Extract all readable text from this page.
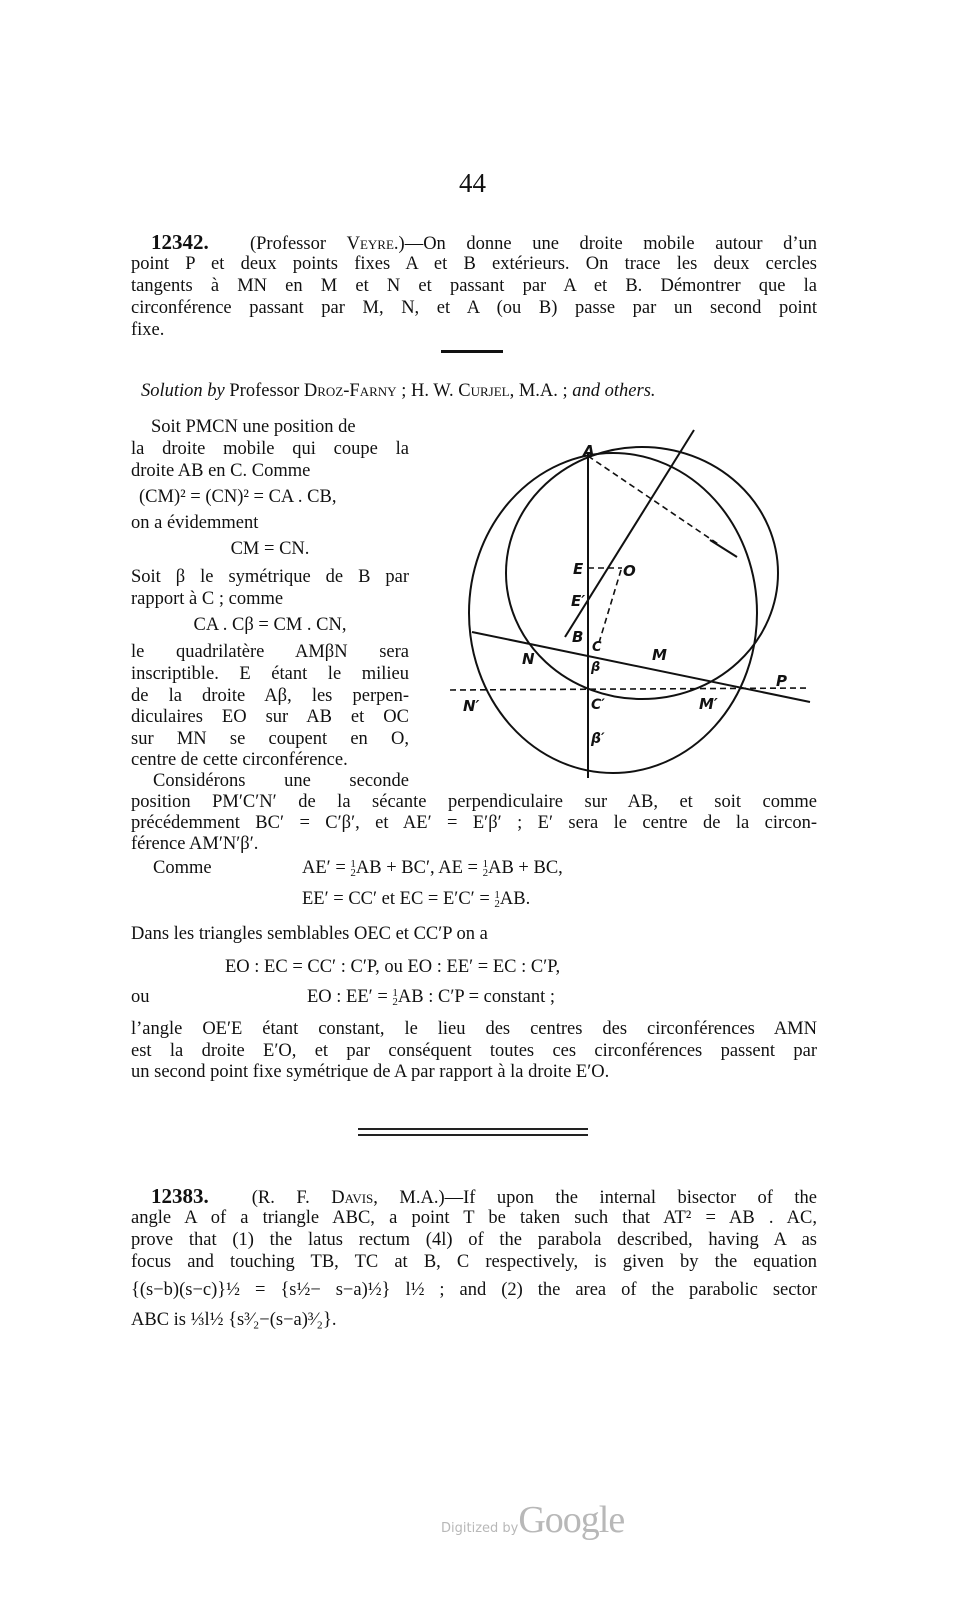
44
12342. (Professor Veyre.)—On donne une droite mobile autour d’un
point P et deux points fixes A et B extérieurs. On trace les deux cercles
tangents à MN en M et N et passant par A et B. Démontrer que la
circonférence passant par M, N, et A (ou B) passe par un second point
fixe.
Solution by Professor Droz-Farny ; H. W. Curjel, M.A. ; and others.
Soit PMCN une position de
la droite mobile qui coupe la
droite AB en C. Comme
(CM)² = (CN)² = CA . CB,
on a évidemment
CM = CN.
Soit β le symétrique de B par
rapport à C ; comme
CA . Cβ = CM . CN,
le quadrilatère AMβN sera
inscriptible. E étant le milieu
de la droite Aβ, les perpen-
diculaires EO sur AB et OC
sur MN se coupent en O,
centre de cette circonférence.
Considérons une seconde
A
E	O
E′
B
C
N	M
β
P
N′	C′	M′
β′
position PM′C′N′ de la sécante perpendiculaire sur AB, et soit comme
précédemment BC′ = C′β′, et AE′ = E′β′ ; E′ sera le centre de la circon-
férence AM′N′β′.
Comme	AE′ = 1
2 AB + BC′, AE = 1
2 AB + BC,
EE′ = CC′ et EC = E′C′ = 1
2 AB.
Dans les triangles semblables OEC et CC′P on a
EO : EC = CC′ : C′P, ou EO : EE′ = EC : C′P,
ou	EO : EE′ = 1
2 AB : C′P = constant ;
l’angle OE′E étant constant, le lieu des centres des circonférences AMN
est la droite E′O, et par conséquent toutes ces circonférences passent par
un second point fixe symétrique de A par rapport à la droite E′O.
12383. (R. F. Davis, M.A.)—If upon the internal bisector of the
angle A of a triangle ABC, a point T be taken such that AT² = AB . AC,
prove that (1) the latus rectum (4l) of the parabola described, having A as
focus and touching TB, TC at B, C respectively, is given by the equation
{(s−b)(s−c)}½ = {s½− s−a)½} l½ ; and (2) the area of the parabolic sector
ABC is ⅓l½ {s³⁄₂−(s−a)³⁄₂}.
Digitized byGoogle
